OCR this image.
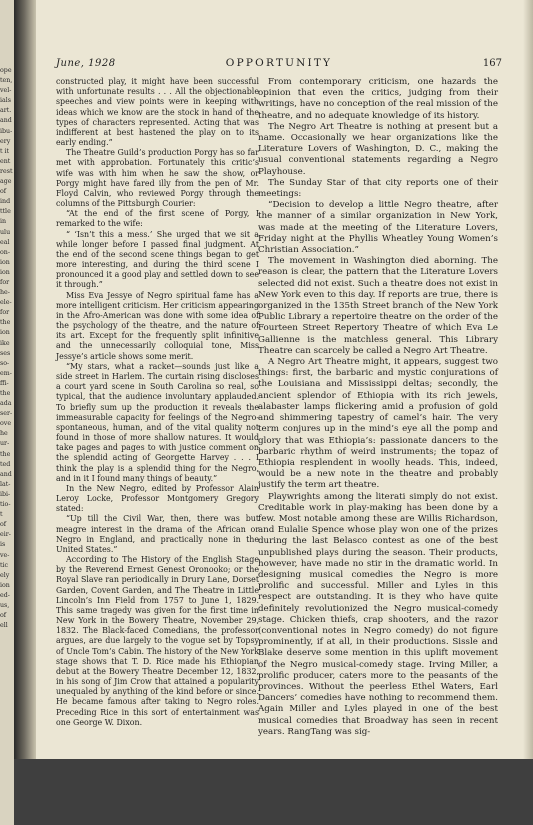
ope
ten,
vel-
ials
art.
and
ibu-
ery
t it
ent
rest
age
of
ind
ttle
in
ulu
eal
on-
ion
ion
for
he-
ele-
for
the
ion
ike
ses
so-
em-
ffi-
the
ada
ser-
ove
he
ur-
the
ted
and
lat-
ibi-
tio-
t
of
eir-
is
ve-
tic
ely
ion
ed-
us,
of
ell
June, 1928	OPPORTUNITY	167

constructed play, it might have been successful with unfortunate results . . . All the objectionable speeches and view points were in keeping with ideas which we know are the stock in hand of the types of characters represented. Acting that was indifferent at best hastened the play on to its early ending.”

The Theatre Guild’s production Porgy has so far met with approbation. Fortunately this critic’s wife was with him when he saw the show, or Porgy might have fared illy from the pen of Mr. Floyd Calvin, who reviewed Porgy through the columns of the Pittsburgh Courier:

“At the end of the first scene of Porgy, I remarked to the wife:

“ ‘Isn’t this a mess.’ She urged that we sit a while longer before I passed final judgment. At the end of the second scene things began to get more interesting, and during the third scene I pronounced it a good play and settled down to see it through.”

Miss Eva Jessye of Negro spiritual fame has a more intelligent criticism. Her criticism appearing in the Afro-American was done with some idea of the psychology of the theatre, and the nature of its art. Except for the frequently split infinitive and the unnecessarily colloquial tone, Miss Jessye’s article shows some merit.

“My stars, what a racket—sounds just like a side street in Harlem. The curtain rising discloses a court yard scene in South Carolina so real, so typical, that the audience involuntary applauded. To briefly sum up the production it reveals the immeasurable capacity for feelings of the Negro-spontaneous, human, and of the vital quality not found in those of more shallow natures. It would take pages and pages to with justice comment on the splendid acting of Georgette Harvey . . . I think the play is a splendid thing for the Negro, and in it I found many things of beauty.”

In the New Negro, edited by Professor Alain Leroy Locke, Professor Montgomery Gregory stated:

“Up till the Civil War, then, there was but meagre interest in the drama of the African or Negro in England, and practically none in the United States.”

According to The History of the English Stage by the Reverend Ernest Genest Oronooko; or the Royal Slave ran periodically in Drury Lane, Dorset Garden, Covent Garden, and The Theatre in Little Lincoln’s Inn Field from 1757 to June 1, 1829. This same tragedy was given for the first time in New York in the Bowery Theatre, November 29, 1832. The Black-faced Comedians, the professor argues, are due largely to the vogue set by Topsy of Uncle Tom’s Cabin. The history of the New York stage shows that T. D. Rice made his Ethiopian debut at the Bowery Theatre December 12, 1832, in his song of Jim Crow that attained a popularity unequaled by anything of the kind before or since. He became famous after taking to Negro roles. Preceding Rice in this sort of entertainment was one George W. Dixon.

From contemporary criticism, one hazards the opinion that even the critics, judging from their writings, have no conception of the real mission of the theatre, and no adequate knowledge of its history.

The Negro Art Theatre is nothing at present but a name. Occasionally we hear organizations like the Literature Lovers of Washington, D. C., making the usual conventional statements regarding a Negro Playhouse.

The Sunday Star of that city reports one of their meetings:

“Decision to develop a little Negro theatre, after the manner of a similar organization in New York, was made at the meeting of the Literature Lovers, Friday night at the Phyllis Wheatley Young Women’s Christian Association.”

The movement in Washington died aborning. The reason is clear, the pattern that the Literature Lovers selected did not exist. Such a theatre does not exist in New York even to this day. If reports are true, there is organized in the 135th Street branch of the New York Public Library a repertoire theatre on the order of the Fourteen Street Repertory Theatre of which Eva Le Gallienne is the matchless general. This Library Theatre can scarcely be called a Negro Art Theatre.

A Negro Art Theatre might, it appears, suggest two things: first, the barbaric and mystic conjurations of the Louisiana and Mississippi deltas; secondly, the ancient splendor of Ethiopia with its rich jewels, alabaster lamps flickering amid a profusion of gold and shimmering tapestry of camel’s hair. The very term conjures up in the mind’s eye all the pomp and glory that was Ethiopia’s: passionate dancers to the barbaric rhythm of weird instruments; the topaz of Ethiopia resplendent in woolly heads. This, indeed, would be a new note in the theatre and probably justify the term art theatre.

Playwrights among the literati simply do not exist. Creditable work in play-making has been done by a few. Most notable among these are Willis Richardson, and Eulalie Spence whose play won one of the prizes during the last Belasco contest as one of the best unpublished plays during the season. Their products, however, have made no stir in the dramatic world. In designing musical comedies the Negro is more prolific and successful. Miller and Lyles in this respect are outstanding. It is they who have quite definitely revolutionized the Negro musical-comedy stage. Chicken thiefs, crap shooters, and the razor (conventional notes in Negro comedy) do not figure prominently, if at all, in their productions. Sissle and Blake deserve some mention in this uplift movement of the Negro musical-comedy stage. Irving Miller, a prolific producer, caters more to the peasants of the provinces. Without the peerless Ethel Waters, Earl Dancers’ comedies have nothing to recommend them. Again Miller and Lyles played in one of the best musical comedies that Broadway has seen in recent years. RangTang was sig-
